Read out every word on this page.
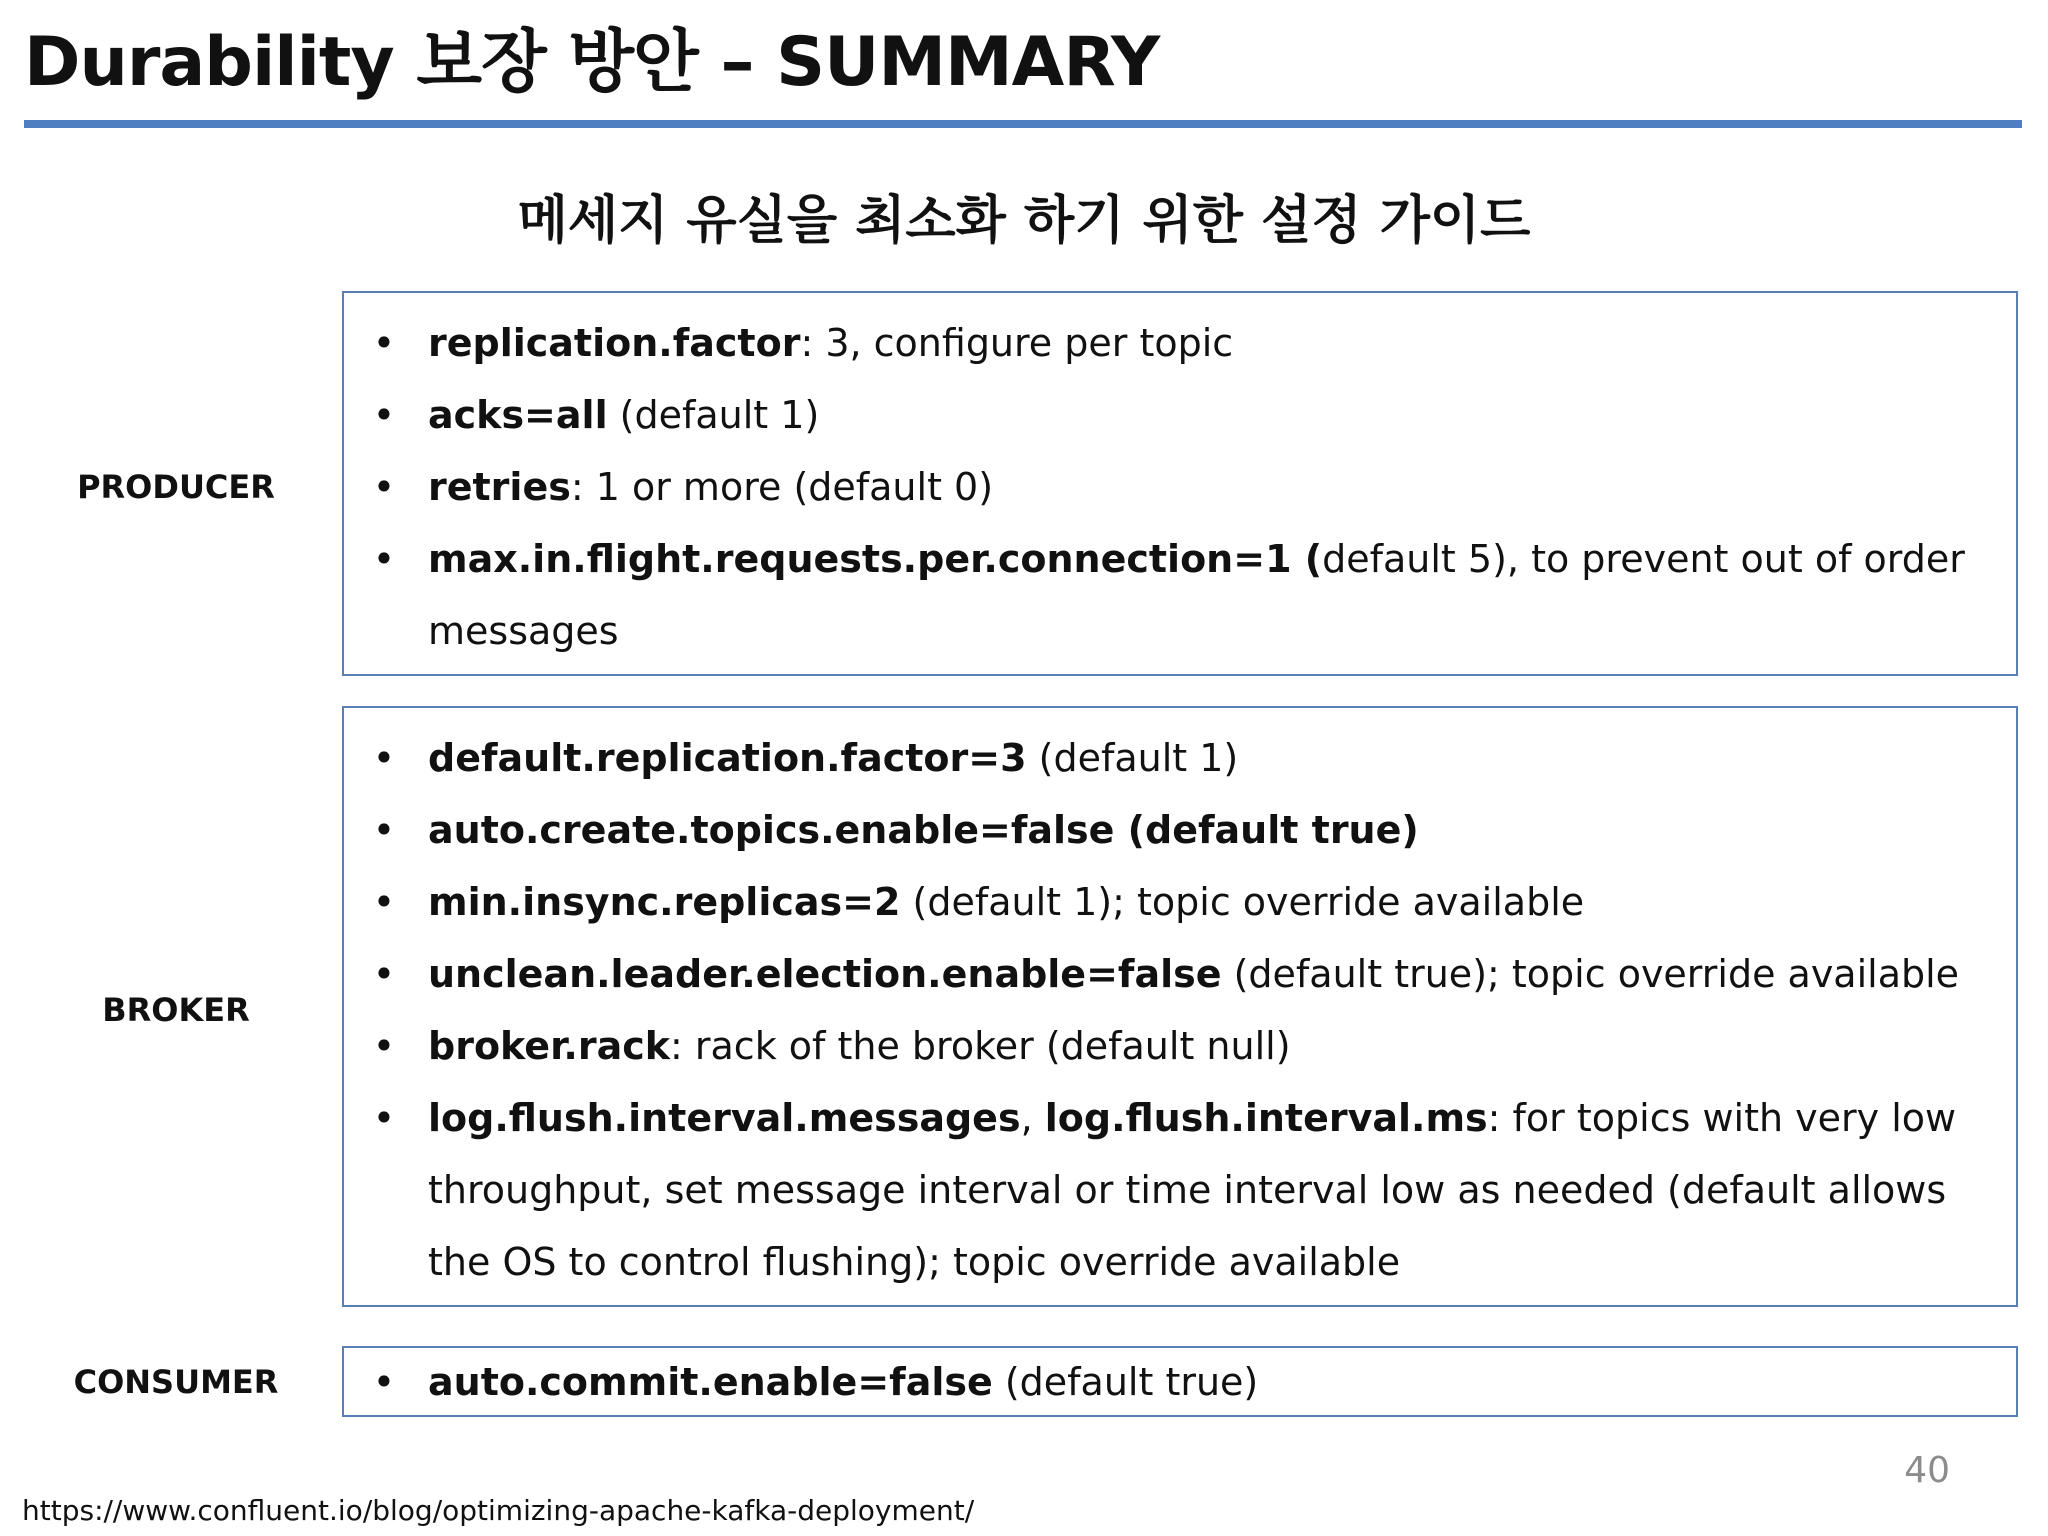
Durability 보장 방안 – SUMMARY
메세지 유실을 최소화 하기 위한 설정 가이드
PRODUCER
• replication.factor: 3, configure per topic
• acks=all (default 1)
• retries: 1 or more (default 0)
• max.in.flight.requests.per.connection=1 (default 5), to prevent out of order messages
BROKER
• default.replication.factor=3 (default 1)
• auto.create.topics.enable=false (default true)
• min.insync.replicas=2 (default 1); topic override available
• unclean.leader.election.enable=false (default true); topic override available
• broker.rack: rack of the broker (default null)
• log.flush.interval.messages, log.flush.interval.ms: for topics with very low throughput, set message interval or time interval low as needed (default allows the OS to control flushing); topic override available
CONSUMER	• auto.commit.enable=false (default true)
40
https://www.confluent.io/blog/optimizing-apache-kafka-deployment/
